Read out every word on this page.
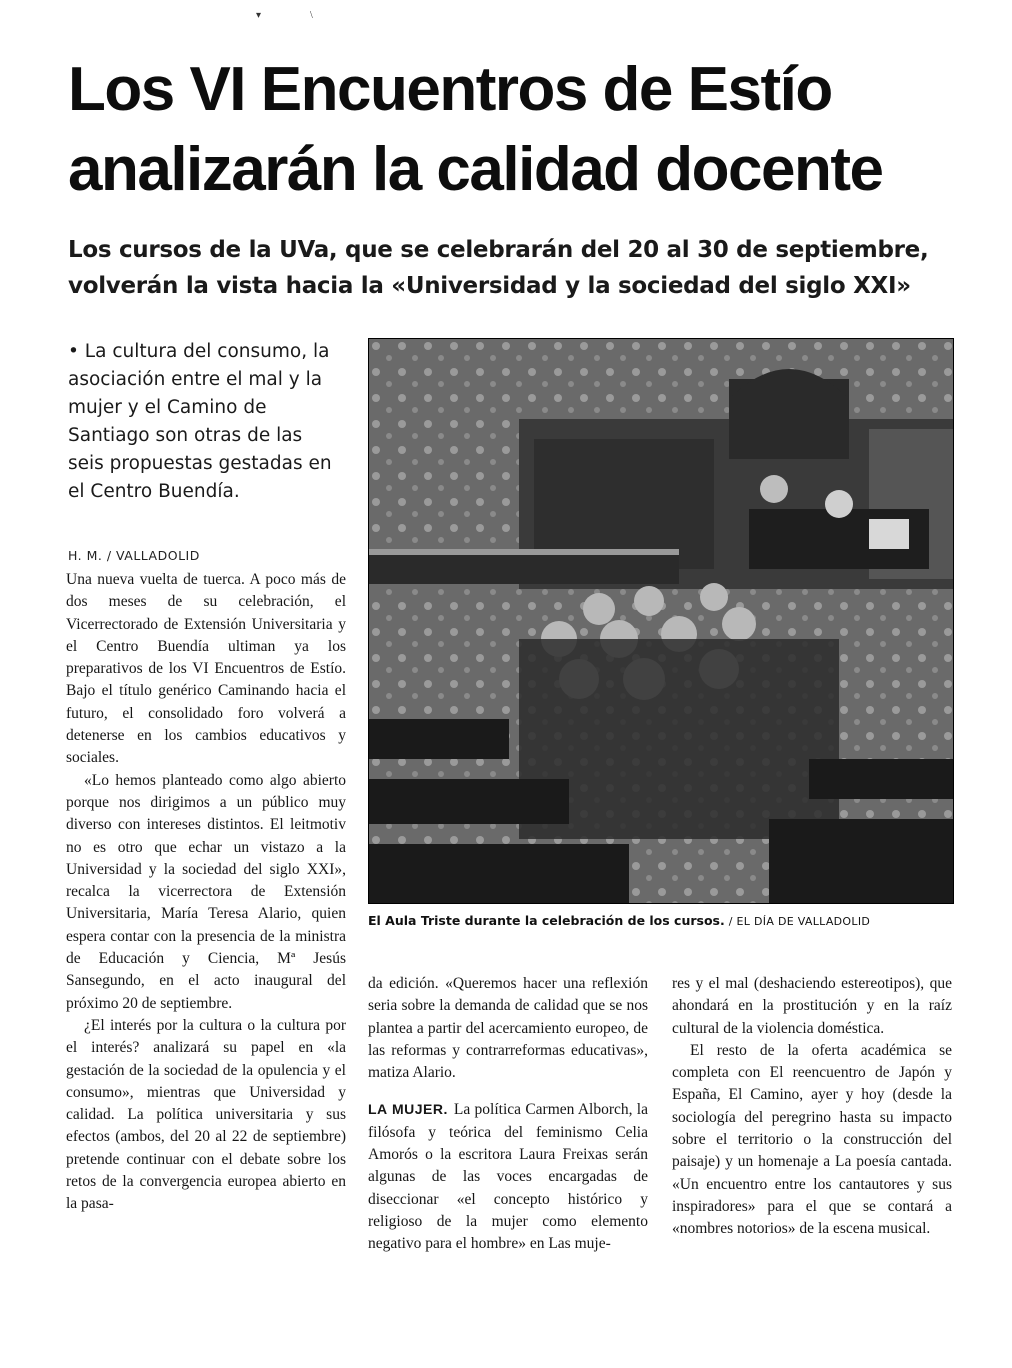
▾	\
Los VI Encuentros de Estío
analizarán la calidad docente
Los cursos de la UVa, que se celebrarán del 20 al 30 de septiembre,
volverán la vista hacia la «Universidad y la sociedad del siglo XXI»

• La cultura del consumo, la asociación entre el mal y la mujer y el Camino de Santiago son otras de las seis propuestas gestadas en el Centro Buendía.

H. M. / VALLADOLID

Una nueva vuelta de tuerca. A poco más de dos meses de su celebración, el Vicerrectorado de Extensión Universitaria y el Centro Buendía ultiman ya los preparativos de los VI Encuentros de Estío. Bajo el título genérico Caminando hacia el futuro, el consolidado foro volverá a detenerse en los cambios educativos y sociales.

«Lo hemos planteado como algo abierto porque nos dirigimos a un público muy diverso con intereses distintos. El leitmotiv no es otro que echar un vistazo a la Universidad y la sociedad del siglo XXI», recalca la vicerrectora de Extensión Universitaria, María Teresa Alario, quien espera contar con la presencia de la ministra de Educación y Ciencia, Mª Jesús Sansegundo, en el acto inaugural del próximo 20 de septiembre.

¿El interés por la cultura o la cultura por el interés? analizará su papel en «la gestación de la sociedad de la opulencia y el consumo», mientras que Universidad y calidad. La política universitaria y sus efectos (ambos, del 20 al 22 de septiembre) pretende continuar con el debate sobre los retos de la convergencia europea abierto en la pasa-

El Aula Triste durante la celebración de los cursos. / EL DÍA DE VALLADOLID

da edición. «Queremos hacer una reflexión seria sobre la demanda de calidad que se nos plantea a partir del acercamiento europeo, de las reformas y contrarreformas educativas», matiza Alario.

LA MUJER. La política Carmen Alborch, la filósofa y teórica del feminismo Celia Amorós o la escritora Laura Freixas serán algunas de las voces encargadas de diseccionar «el concepto histórico y religioso de la mujer como elemento negativo para el hombre» en Las muje-

res y el mal (deshaciendo estereotipos), que ahondará en la prostitución y en la raíz cultural de la violencia doméstica.

El resto de la oferta académica se completa con El reencuentro de Japón y España, El Camino, ayer y hoy (desde la sociología del peregrino hasta su impacto sobre el territorio o la construcción del paisaje) y un homenaje a La poesía cantada. «Un encuentro entre los cantautores y sus inspiradores» para el que se contará a «nombres notorios» de la escena musical.
